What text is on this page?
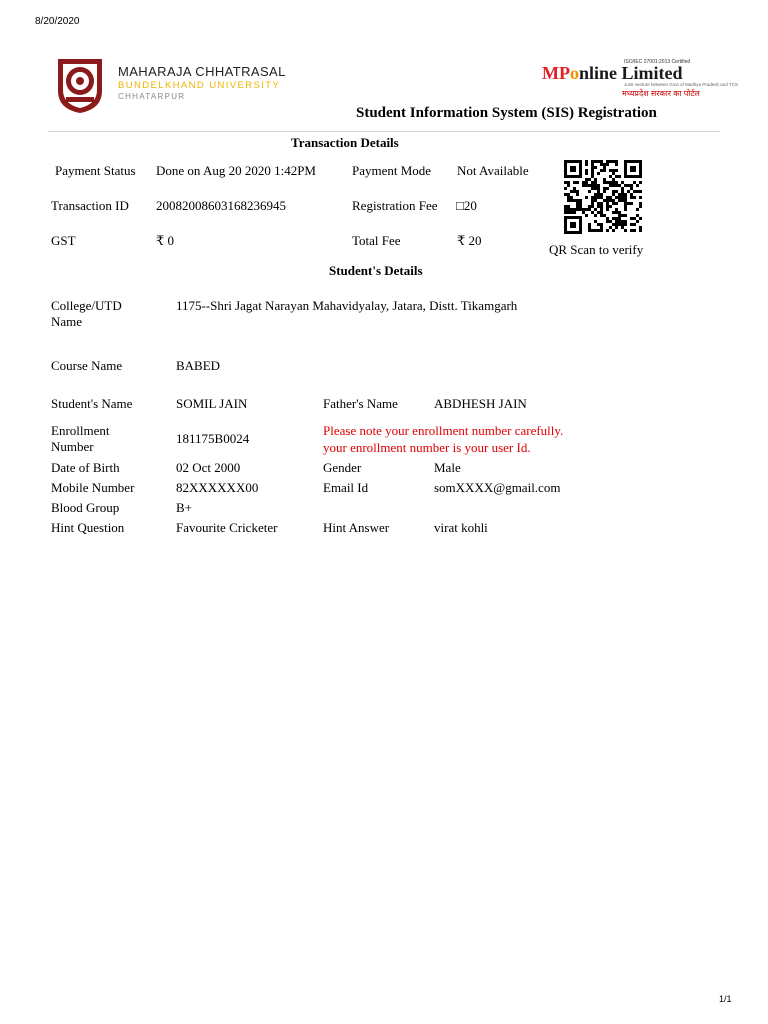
8/20/2020
MAHARAJA CHHATRASAL
BUNDELKHAND UNIVERSITY
CHHATARPUR
ISO/IEC 27001:2013 Certified
MPonline Limited
Joint venture between Govt of Madhya Pradesh and TCS
मध्यप्रदेश सरकार का पोर्टल
Student Information System (SIS) Registration
Transaction Details
Payment Status Done on Aug 20 2020 1:42PM	Payment Mode Not Available
Transaction ID 20082008603168236945	Registration Fee □20
GST	₹ 0	Total Fee	₹ 20
QR Scan to verify
Student's Details
College/UTD Name
1175--Shri Jagat Narayan Mahavidyalay, Jatara, Distt. Tikamgarh
Course Name	BABED
Student's Name	SOMIL JAIN	Father's Name	ABDHESH JAIN
Enrollment Number
181175B0024
Please note your enrollment number carefully.
your enrollment number is your user Id.
Date of Birth	02 Oct 2000	Gender	Male
Mobile Number	82XXXXXX00	Email Id	somXXXX@gmail.com
Blood Group	B+
Hint Question	Favourite Cricketer	Hint Answer	virat kohli
1/1
